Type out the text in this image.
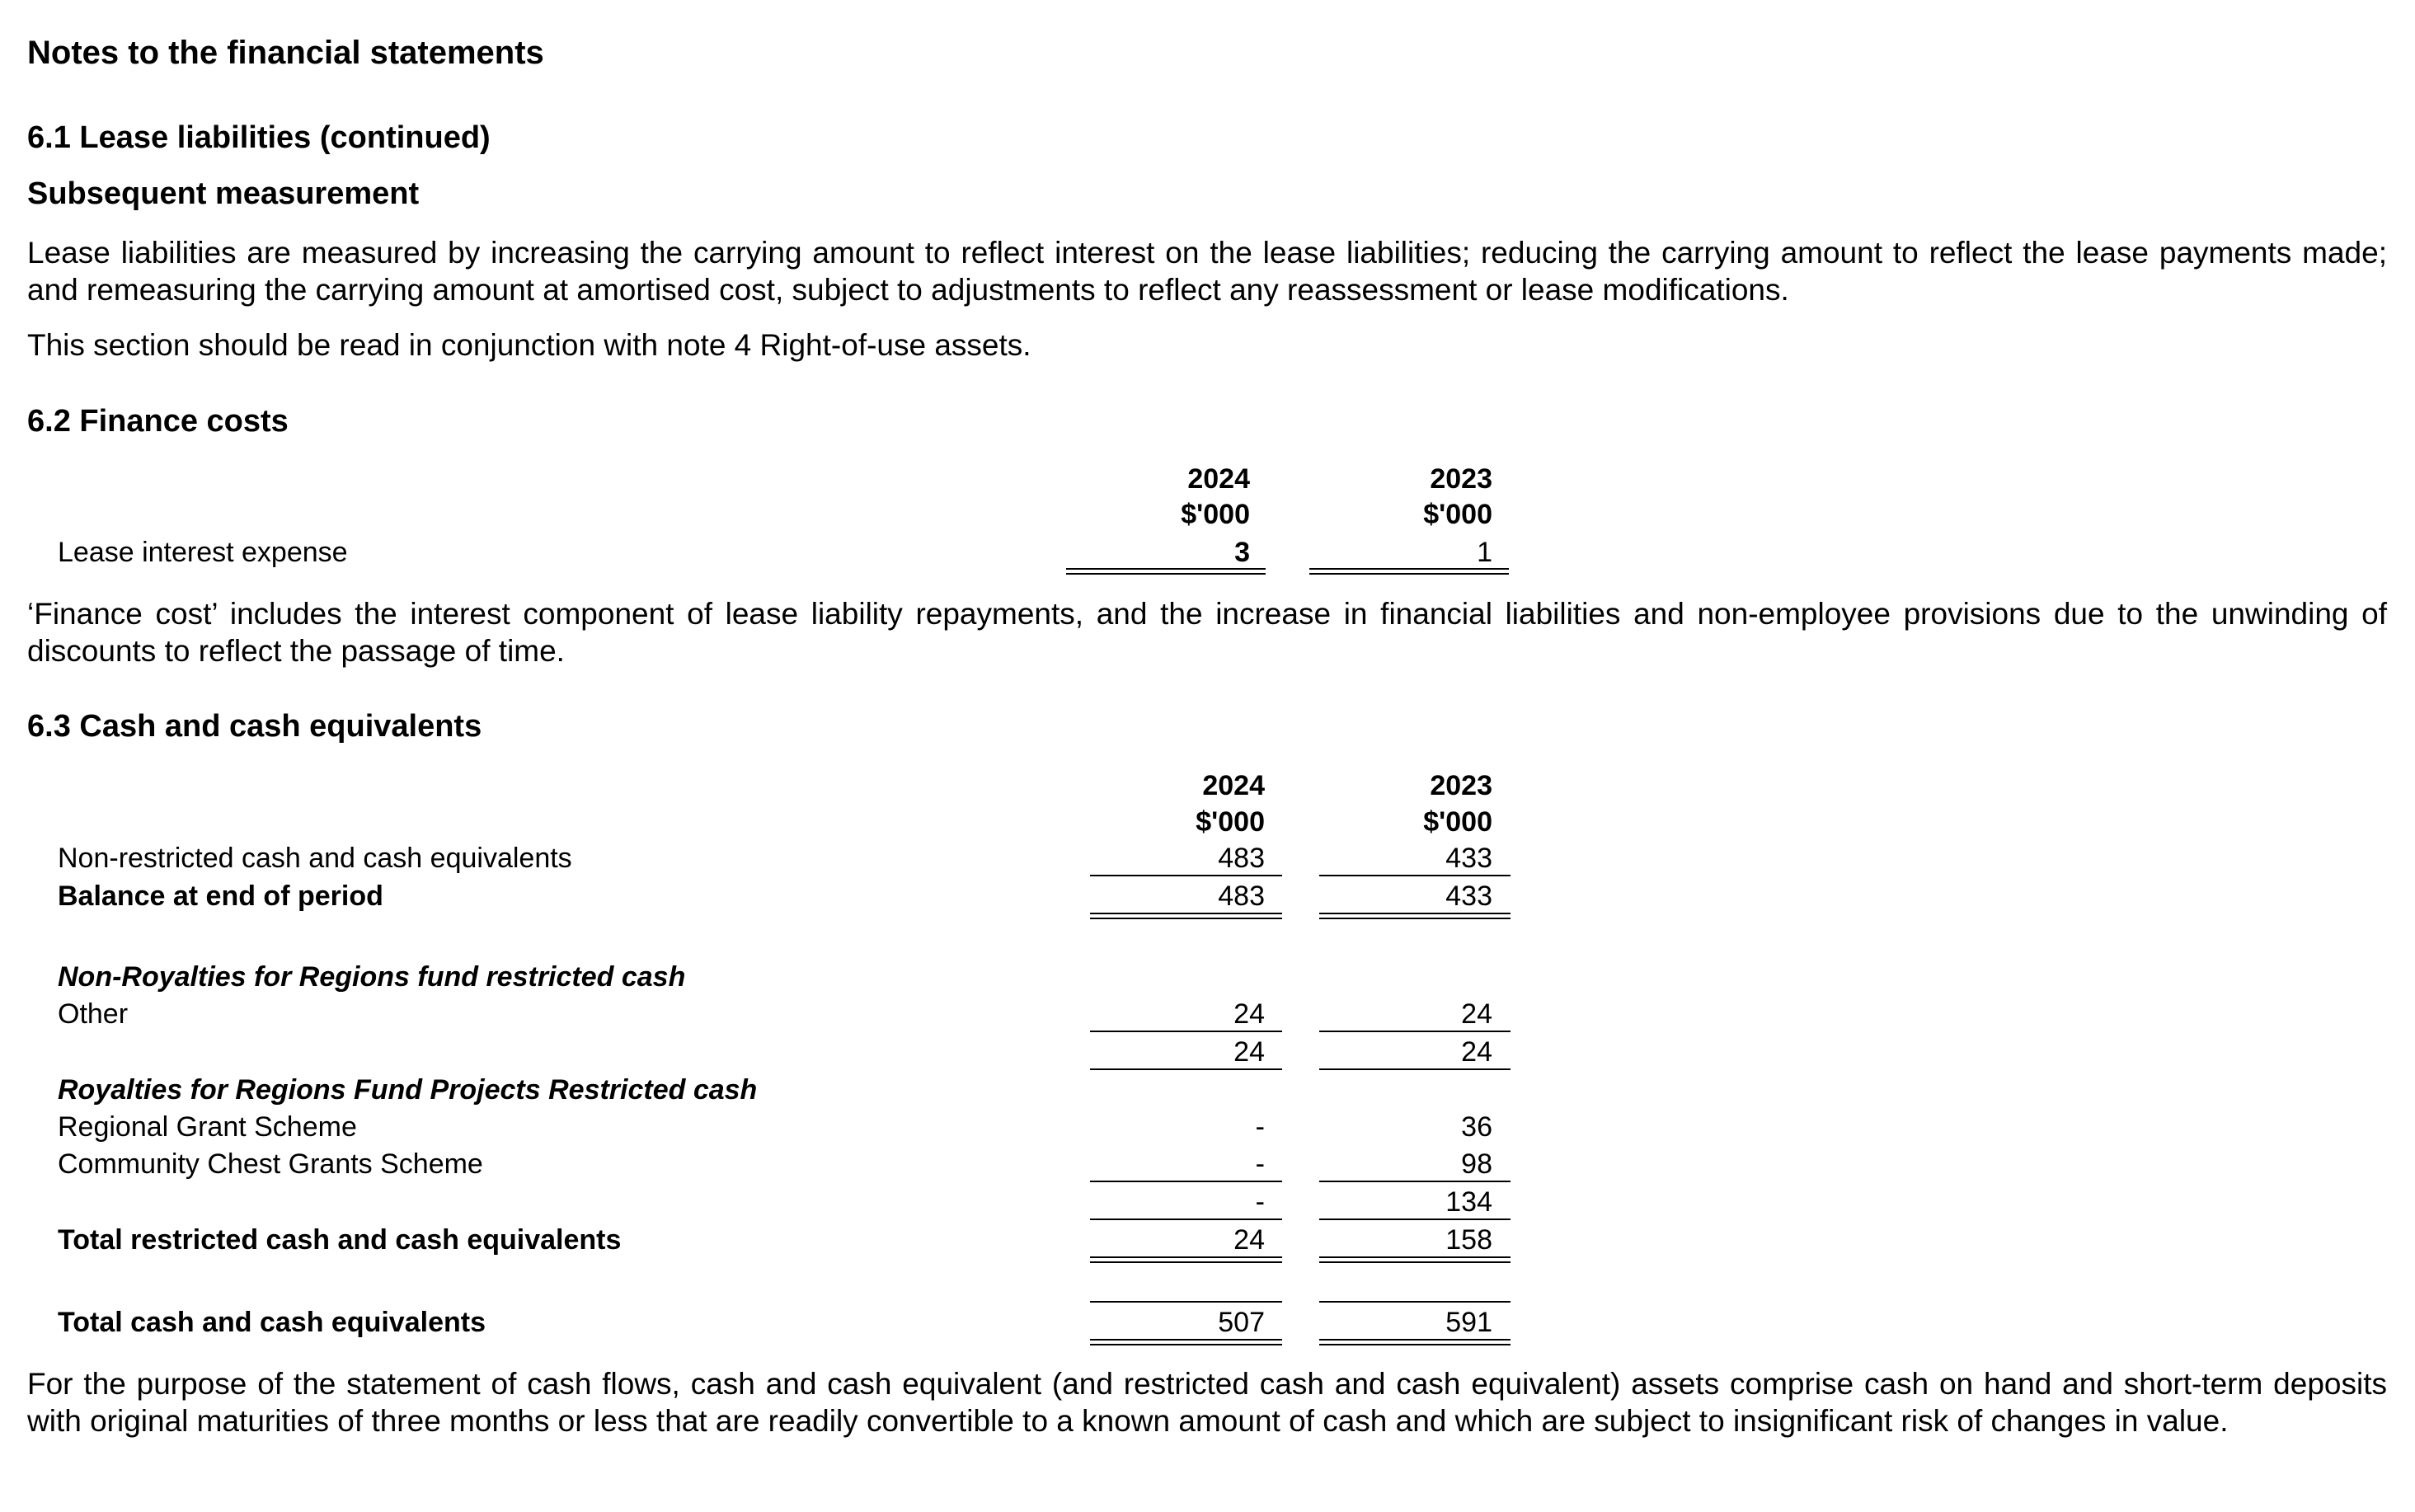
Notes to the financial statements
6.1 Lease liabilities (continued)
Subsequent measurement
Lease liabilities are measured by increasing the carrying amount to reflect interest on the lease liabilities; reducing the carrying amount to reflect the lease payments made; and remeasuring the carrying amount at amortised cost, subject to adjustments to reflect any reassessment or lease modifications.
This section should be read in conjunction with note 4 Right-of-use assets.
6.2 Finance costs
2024	2023
$'000	$'000
Lease interest expense	3	1
‘Finance cost’ includes the interest component of lease liability repayments, and the increase in financial liabilities and non-employee provisions due to the unwinding of discounts to reflect the passage of time.
6.3 Cash and cash equivalents
2024	2023
$'000	$'000
Non-restricted cash and cash equivalents	483	433
Balance at end of period	483	433
Non-Royalties for Regions fund restricted cash
Other	24	24
24	24
Royalties for Regions Fund Projects Restricted cash
Regional Grant Scheme	-	36
Community Chest Grants Scheme	-	98
-	134
Total restricted cash and cash equivalents	24	158
Total cash and cash equivalents	507	591
For the purpose of the statement of cash flows, cash and cash equivalent (and restricted cash and cash equivalent) assets comprise cash on hand and short-term deposits with original maturities of three months or less that are readily convertible to a known amount of cash and which are subject to insignificant risk of changes in value.
